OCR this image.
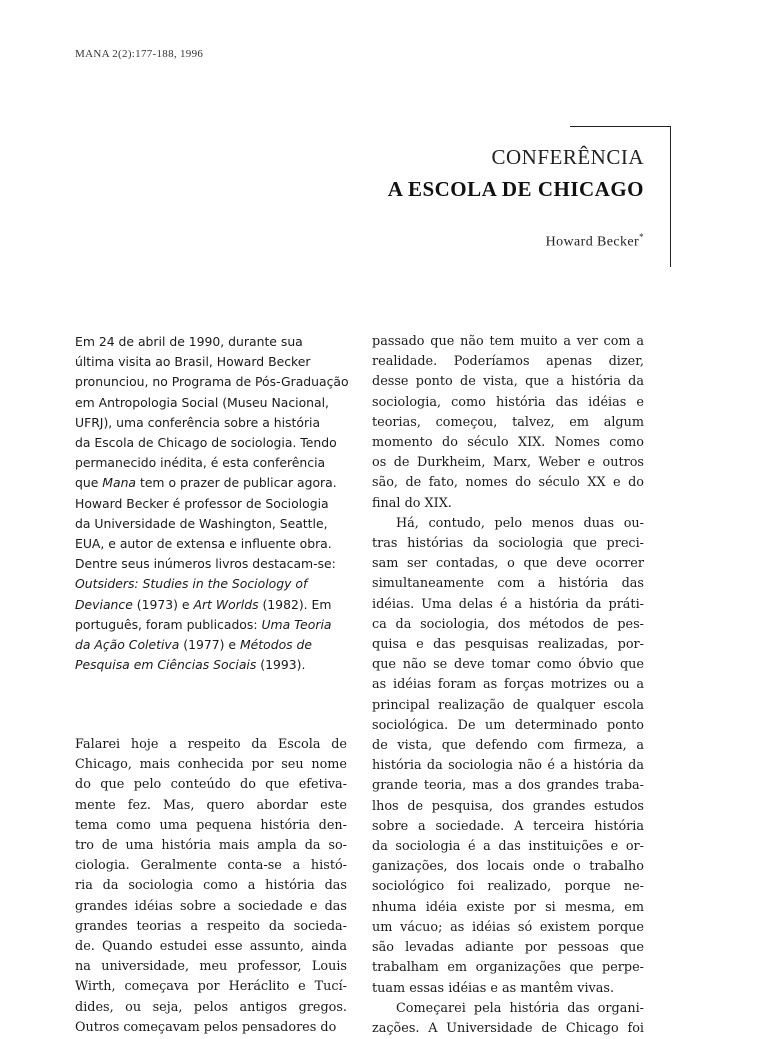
MANA 2(2):177-188, 1996
CONFERÊNCIA
A ESCOLA DE CHICAGO
Howard Becker*
Em 24 de abril de 1990, durante sua
última visita ao Brasil, Howard Becker
pronunciou, no Programa de Pós-Graduação
em Antropologia Social (Museu Nacional,
UFRJ), uma conferência sobre a história
da Escola de Chicago de sociologia. Tendo
permanecido inédita, é esta conferência
que Mana tem o prazer de publicar agora.
Howard Becker é professor de Sociologia
da Universidade de Washington, Seattle,
EUA, e autor de extensa e influente obra.
Dentre seus inúmeros livros destacam-se:
Outsiders: Studies in the Sociology of
Deviance (1973) e Art Worlds (1982). Em
português, foram publicados: Uma Teoria
da Ação Coletiva (1977) e Métodos de
Pesquisa em Ciências Sociais (1993).
Falarei hoje a respeito da Escola de
Chicago, mais conhecida por seu nome
do que pelo conteúdo do que efetiva-
mente fez. Mas, quero abordar este
tema como uma pequena história den-
tro de uma história mais ampla da so-
ciologia. Geralmente conta-se a histó-
ria da sociologia como a história das
grandes idéias sobre a sociedade e das
grandes teorias a respeito da socieda-
de. Quando estudei esse assunto, ainda
na universidade, meu professor, Louis
Wirth, começava por Heráclito e Tucí-
dides, ou seja, pelos antigos gregos.
Outros começavam pelos pensadores do
passado que não tem muito a ver com a
realidade. Poderíamos apenas dizer,
desse ponto de vista, que a história da
sociologia, como história das idéias e
teorias, começou, talvez, em algum
momento do século XIX. Nomes como
os de Durkheim, Marx, Weber e outros
são, de fato, nomes do século XX e do
final do XIX.
Há, contudo, pelo menos duas ou-
tras histórias da sociologia que preci-
sam ser contadas, o que deve ocorrer
simultaneamente com a história das
idéias. Uma delas é a história da práti-
ca da sociologia, dos métodos de pes-
quisa e das pesquisas realizadas, por-
que não se deve tomar como óbvio que
as idéias foram as forças motrizes ou a
principal realização de qualquer escola
sociológica. De um determinado ponto
de vista, que defendo com firmeza, a
história da sociologia não é a história da
grande teoria, mas a dos grandes traba-
lhos de pesquisa, dos grandes estudos
sobre a sociedade. A terceira história
da sociologia é a das instituições e or-
ganizações, dos locais onde o trabalho
sociológico foi realizado, porque ne-
nhuma idéia existe por si mesma, em
um vácuo; as idéias só existem porque
são levadas adiante por pessoas que
trabalham em organizações que perpe-
tuam essas idéias e as mantêm vivas.
Começarei pela história das organi-
zações. A Universidade de Chicago foi
